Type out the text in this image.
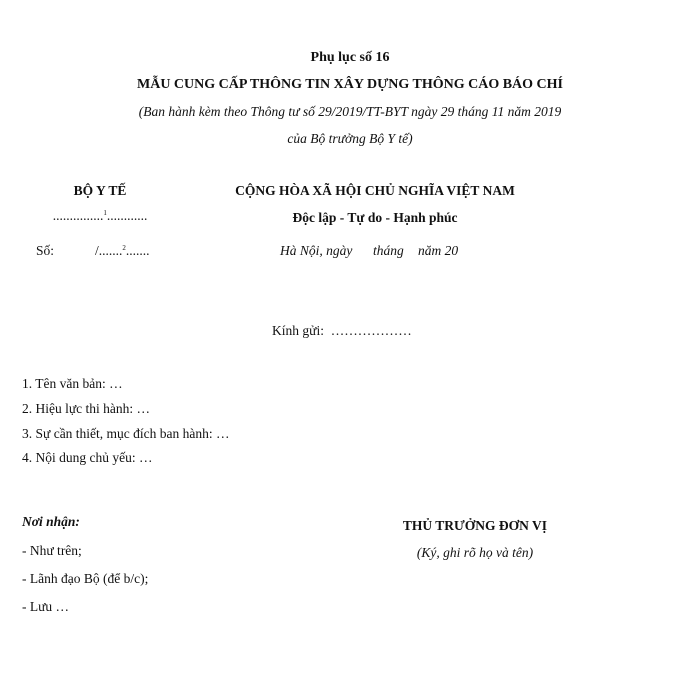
Phụ lục số 16
MẪU CUNG CẤP THÔNG TIN XÂY DỰNG THÔNG CÁO BÁO CHÍ
(Ban hành kèm theo Thông tư số 29/2019/TT-BYT ngày 29 tháng 11 năm 2019
của Bộ trưởng Bộ Y tế)
BỘ Y TẾ
...............$^1$............
Số:	/.......$^2$.......
CỘNG HÒA XÃ HỘI CHỦ NGHĨA VIỆT NAM
Độc lập - Tự do - Hạnh phúc
Hà Nội, ngày tháng năm 20
Kính gửi: ………………
1. Tên văn bản: …
2. Hiệu lực thi hành: …
3. Sự cần thiết, mục đích ban hành: …
4. Nội dung chủ yếu: …
Nơi nhận:
- Như trên;
- Lãnh đạo Bộ (để b/c);
- Lưu …
THỦ TRƯỞNG ĐƠN VỊ
(Ký, ghi rõ họ và tên)
